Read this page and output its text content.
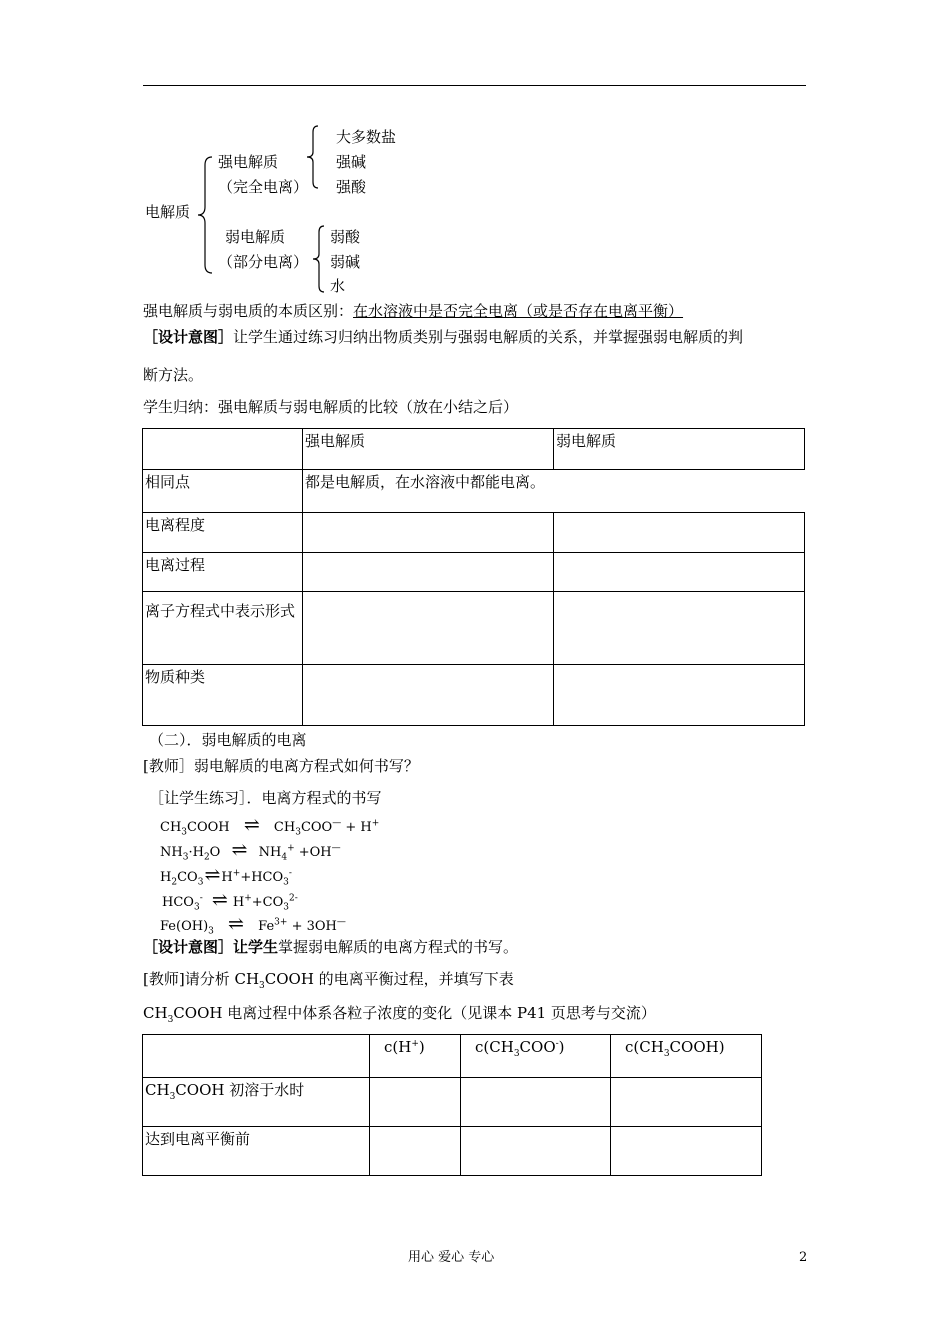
电解质
强电解质
（完全电离）
大多数盐
强碱
强酸
弱电解质
（部分电离）
弱酸
弱碱
水
强电解质与弱电质的本质区别：在水溶液中是否完全电离（或是否存在电离平衡）
［设计意图］让学生通过练习归纳出物质类别与强弱电解质的关系，并掌握强弱电解质的判
断方法。
学生归纳：强电解质与弱电解质的比较（放在小结之后）
	强电解质	弱电解质
相同点	都是电解质，在水溶液中都能电离。	
电离程度		
电离过程		
离子方程式中表示形式		
物质种类		
（二）．弱电解质的电离
[教师］弱电解质的电离方程式如何书写？
［让学生练习］．电离方程式的书写
$CH_3COOH$ ⇌ $CH_3COO^— + H^+$
$NH_3\cdot H_2O$ ⇌ $NH_4^+ +OH^—$
$H_2CO_3\rightleftharpoons H^++HCO_3^-$
$HCO_3^-$ ⇌ $H^++CO_3^{2-}$
$Fe(OH)_3$ ⇌ $Fe^{3+} + 3OH^—$
［设计意图］让学生掌握弱电解质的电离方程式的书写。
[教师]请分析 $CH_3COOH$ 的电离平衡过程，并填写下表
$CH_3COOH$ 电离过程中体系各粒子浓度的变化（见课本 P41 页思考与交流）
	c(H+)	$c(CH_3COO^-)$	$c(CH_3COOH)$
$CH_3COOH$ 初溶于水时			
达到电离平衡前			
用心 爱心 专心	2
